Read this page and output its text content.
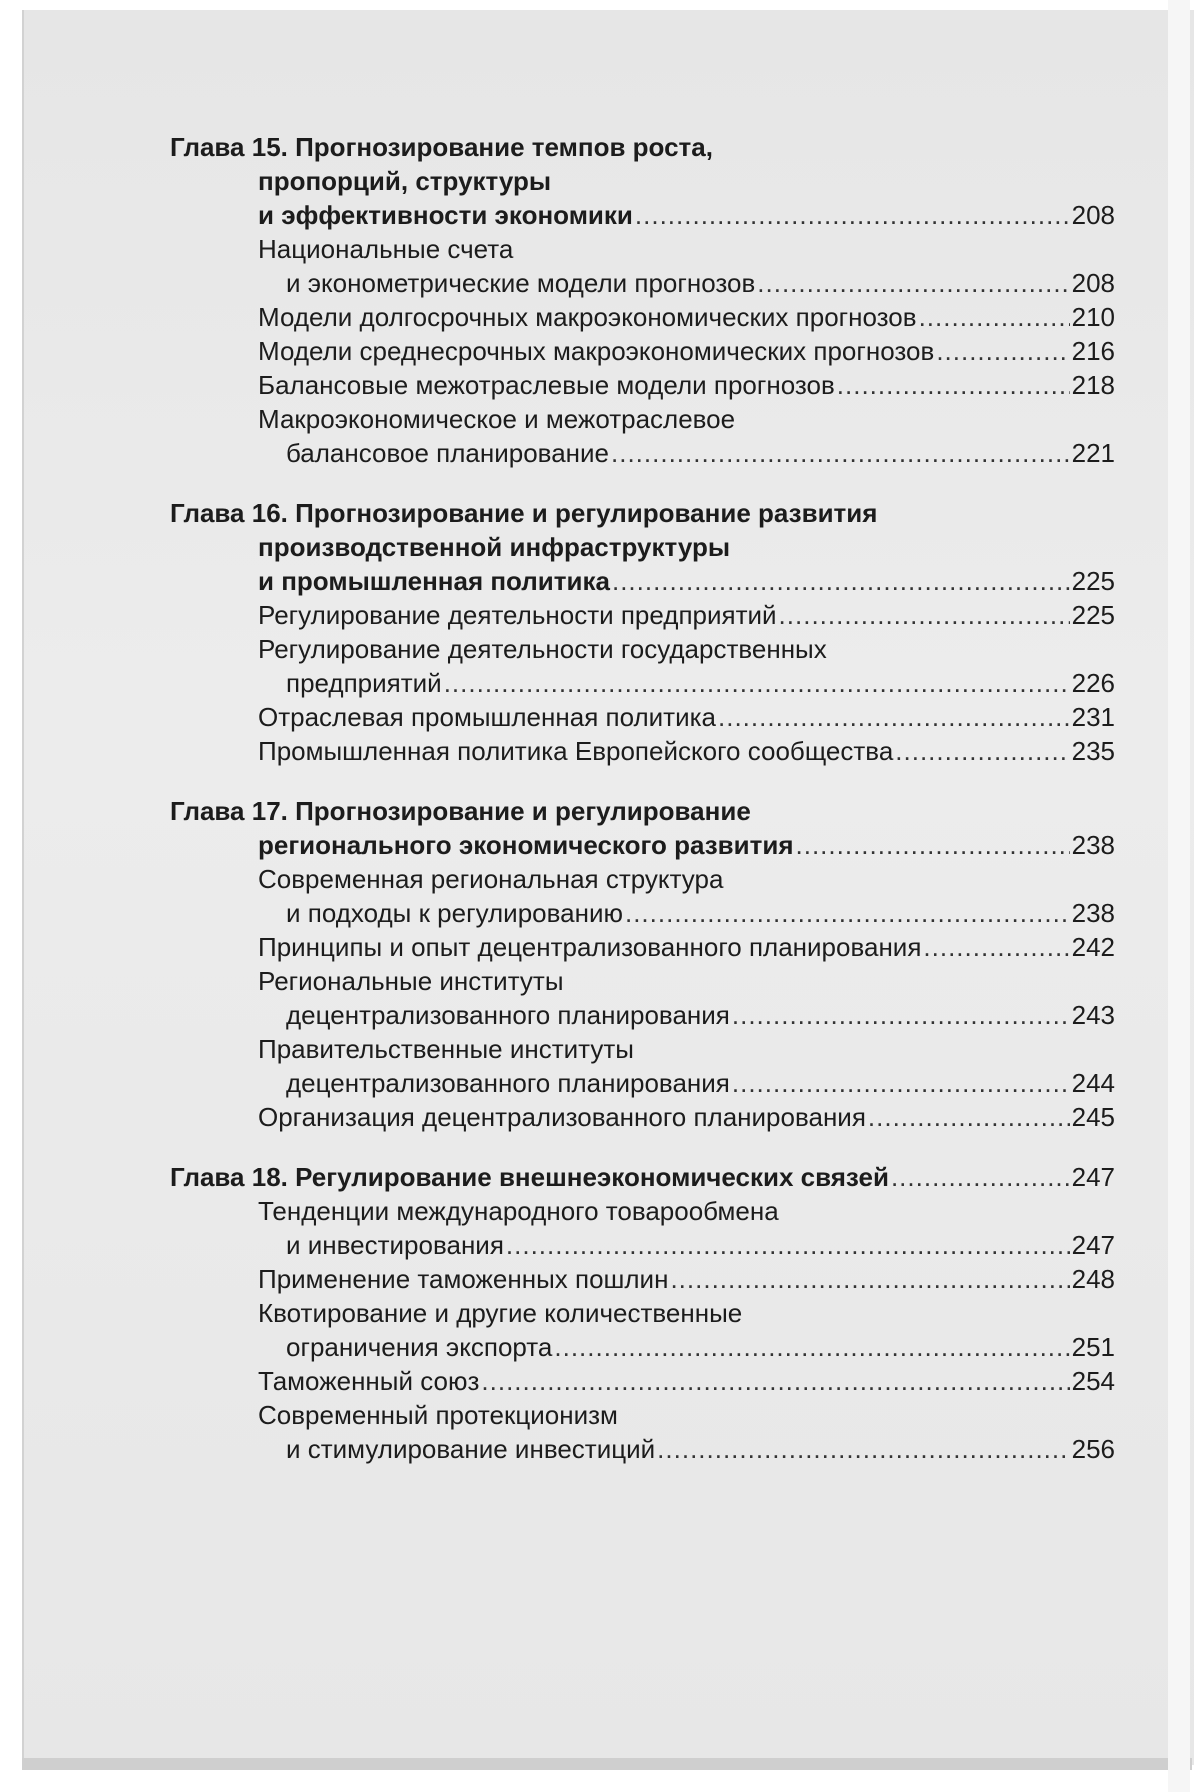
Глава 15. Прогнозирование темпов роста,
пропорций, структуры
и эффективности экономики .....	208
Национальные счета
и эконометрические модели прогнозов .....	208
Модели долгосрочных макроэкономических прогнозов .....	210
Модели среднесрочных макроэкономических прогнозов .....	216
Балансовые межотраслевые модели прогнозов .....	218
Макроэкономическое и межотраслевое
балансовое планирование .....	221
Глава 16. Прогнозирование и регулирование развития
производственной инфраструктуры
и промышленная политика .....	225
Регулирование деятельности предприятий .....	225
Регулирование деятельности государственных
предприятий .....	226
Отраслевая промышленная политика .....	231
Промышленная политика Европейского сообщества .....	235
Глава 17. Прогнозирование и регулирование
регионального экономического развития .....	238
Современная региональная структура
и подходы к регулированию .....	238
Принципы и опыт децентрализованного планирования .....	242
Региональные институты
децентрализованного планирования .....	243
Правительственные институты
децентрализованного планирования .....	244
Организация децентрализованного планирования .....	245
Глава 18. Регулирование внешнеэкономических связей .....	247
Тенденции международного товарообмена
и инвестирования .....	247
Применение таможенных пошлин .....	248
Квотирование и другие количественные
ограничения экспорта .....	251
Таможенный союз .....	254
Современный протекционизм
и стимулирование инвестиций .....	256
